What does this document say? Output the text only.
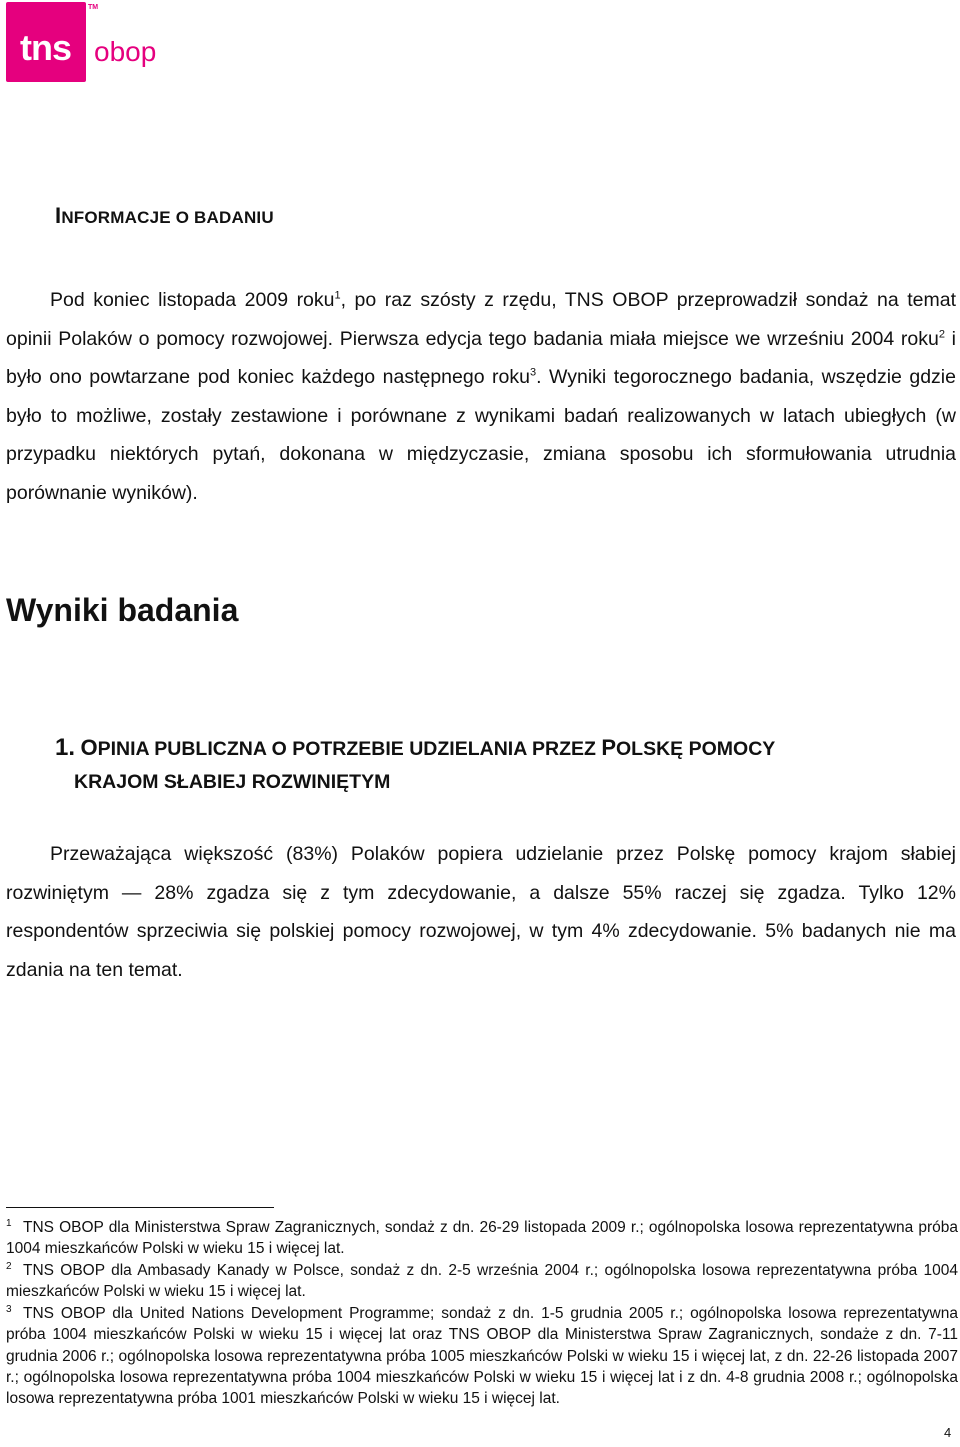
tns
TM
obop
INFORMACJE O BADANIU

Pod koniec listopada 2009 roku$^1$, po raz szósty z rzędu, TNS OBOP przeprowadził sondaż na temat opinii Polaków o pomocy rozwojowej. Pierwsza edycja tego badania miała miejsce we wrześniu 2004 roku$^2$ i było ono powtarzane pod koniec każdego następnego roku$^3$. Wyniki tegorocznego badania, wszędzie gdzie było to możliwe, zostały zestawione i porównane z wynikami badań realizowanych w latach ubiegłych (w przypadku niektórych pytań, dokonana w międzyczasie, zmiana sposobu ich sformułowania utrudnia porównanie wyników).

Wyniki badania
1. OPINIA PUBLICZNA O POTRZEBIE UDZIELANIA PRZEZ POLSKĘ POMOCY
KRAJOM SŁABIEJ ROZWINIĘTYM

Przeważająca większość (83%) Polaków popiera udzielanie przez Polskę pomocy krajom słabiej rozwiniętym — 28% zgadza się z tym zdecydowanie, a dalsze 55% raczej się zgadza. Tylko 12% respondentów sprzeciwia się polskiej pomocy rozwojowej, w tym 4% zdecydowanie. 5% badanych nie ma zdania na ten temat.

$^1$ TNS OBOP dla Ministerstwa Spraw Zagranicznych, sondaż z dn. 26-29 listopada 2009 r.; ogólnopolska losowa reprezentatywna próba 1004 mieszkańców Polski w wieku 15 i więcej lat.

$^2$ TNS OBOP dla Ambasady Kanady w Polsce, sondaż z dn. 2-5 września 2004 r.; ogólnopolska losowa reprezentatywna próba 1004 mieszkańców Polski w wieku 15 i więcej lat.

$^3$ TNS OBOP dla United Nations Development Programme; sondaż z dn. 1-5 grudnia 2005 r.; ogólnopolska losowa reprezentatywna próba 1004 mieszkańców Polski w wieku 15 i więcej lat oraz TNS OBOP dla Ministerstwa Spraw Zagranicznych, sondaże z dn. 7-11 grudnia 2006 r.; ogólnopolska losowa reprezentatywna próba 1005 mieszkańców Polski w wieku 15 i więcej lat, z dn. 22-26 listopada 2007 r.; ogólnopolska losowa reprezentatywna próba 1004 mieszkańców Polski w wieku 15 i więcej lat i z dn. 4-8 grudnia 2008 r.; ogólnopolska losowa reprezentatywna próba 1001 mieszkańców Polski w wieku 15 i więcej lat.

4
